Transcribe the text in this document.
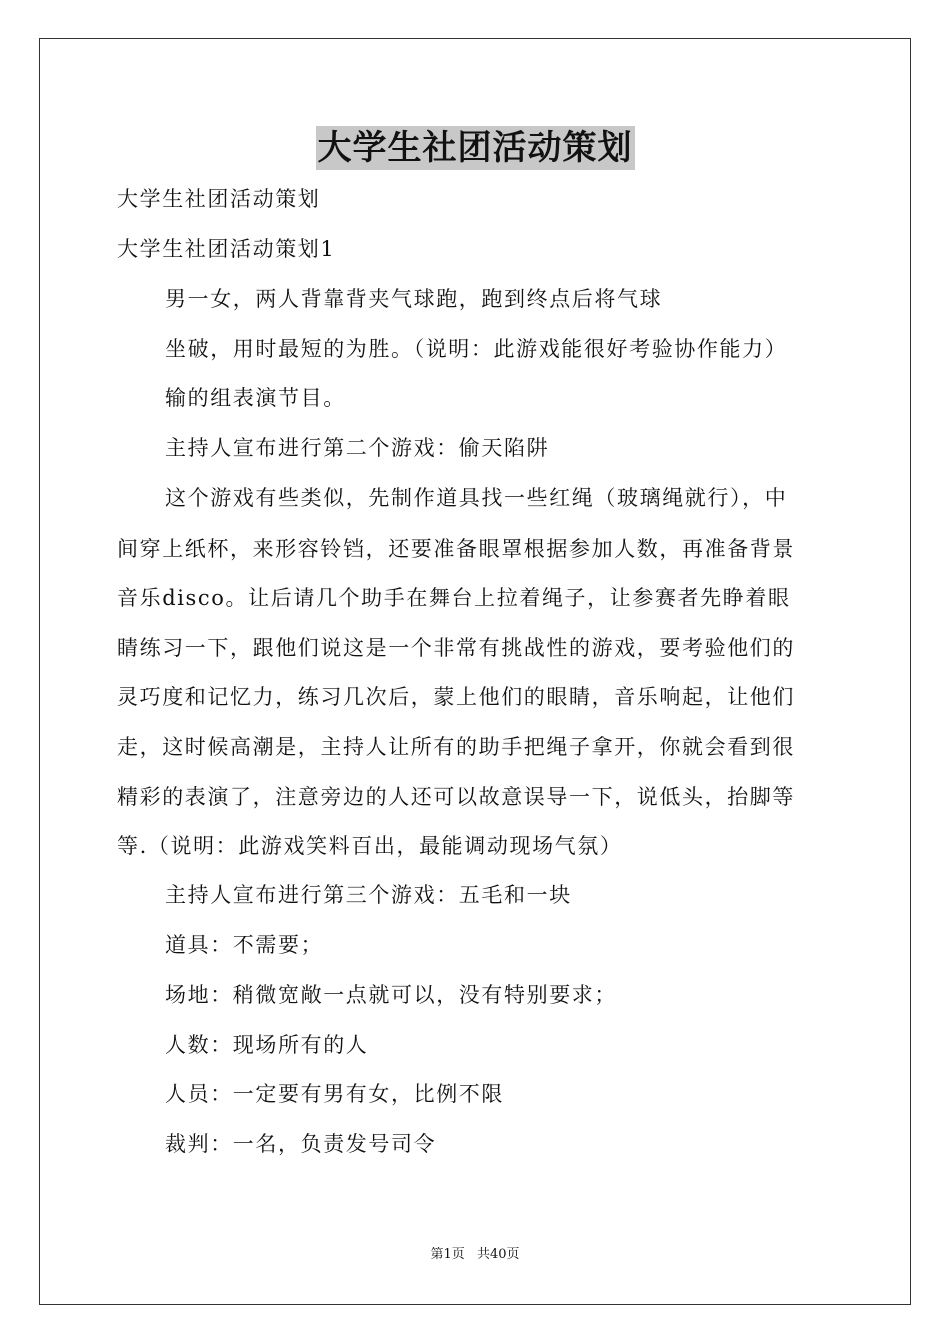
大学生社团活动策划
大学生社团活动策划
大学生社团活动策划1
男一女，两人背靠背夹气球跑，跑到终点后将气球
坐破，用时最短的为胜。（说明：此游戏能很好考验协作能力）
输的组表演节目。
主持人宣布进行第二个游戏：偷天陷阱
这个游戏有些类似，先制作道具找一些红绳（玻璃绳就行），中
间穿上纸杯，来形容铃铛，还要准备眼罩根据参加人数，再准备背景
音乐disco。让后请几个助手在舞台上拉着绳子，让参赛者先睁着眼
睛练习一下，跟他们说这是一个非常有挑战性的游戏，要考验他们的
灵巧度和记忆力，练习几次后，蒙上他们的眼睛，音乐响起，让他们
走，这时候高潮是，主持人让所有的助手把绳子拿开，你就会看到很
精彩的表演了，注意旁边的人还可以故意误导一下，说低头，抬脚等
等.（说明：此游戏笑料百出，最能调动现场气氛）
主持人宣布进行第三个游戏：五毛和一块
道具：不需要；
场地：稍微宽敞一点就可以，没有特别要求；
人数：现场所有的人
人员：一定要有男有女，比例不限
裁判：一名，负责发号司令
第1页 共40页
